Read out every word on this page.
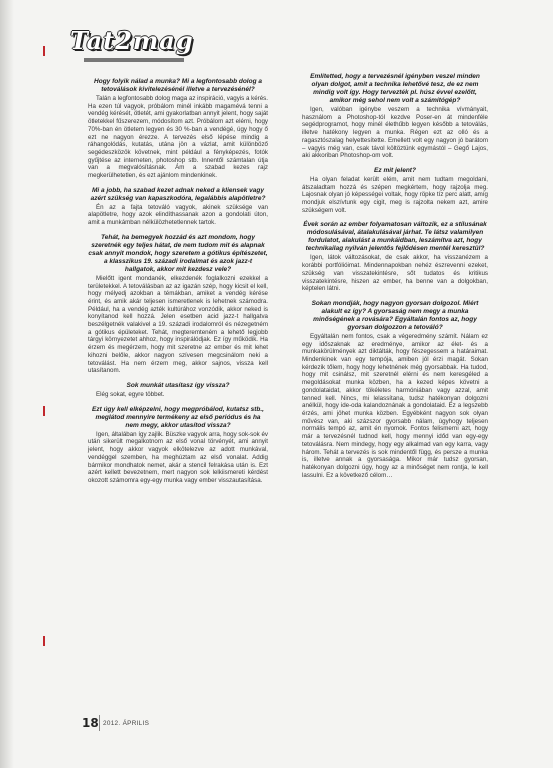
Tat2mag
Hogy folyik nálad a munka? Mi a legfontosabb dolog a tetoválások kivitelezésénél illetve a tervezésénél?

Talán a legfontosabb dolog maga az inspiráció, vagyis a kérés. Ha ezen túl vagyok, próbálom minél inkább magamévá tenni a vendég kérését, ötletét, ami gyakorlatban annyit jelent, hogy saját ötletekkel fűszerezem, módosítom azt. Próbálom azt elérni, hogy 70%-ban én ötletem legyen és 30 %-ban a vendégé, úgy hogy ő ezt ne nagyon érezze. A tervezés első lépése mindig a ráhangolódás, kutatás, utána jön a vázlat, amit különböző segédeszközök követnek, mint például a fényképezés, fotók gyűjtése az interneten, photoshop stb. Innentől számtalan útja van a megvalósításnak. Ám a szabad kezes rajz megkerülhetetlen, és ezt ajánlom mindenkinek.

Mi a jobb, ha szabad kezet adnak neked a kliensek vagy azért szükség van kapaszkodóra, legalábbis alapötletre?

Én az a fajta tetováló vagyok, akinek szüksége van alapötletre, hogy azok elindíthassanak azon a gondolati úton, amit a munkámban nélkülözhetetlennek tartok.

Tehát, ha bemegyek hozzád és azt mondom, hogy szeretnék egy teljes hátat, de nem tudom mit és alapnak csak annyit mondok, hogy szeretem a gótikus építészetet, a klasszikus 19. századi irodalmat és azok jazz-t hallgatok, akkor mit kezdesz vele?

Mielőtt igent mondanék, elkezdenék foglalkozni ezekkel a területekkel. A tetoválásban az az igazán szép, hogy kicsit el kell, hogy mélyedj azokban a témákban, amiket a vendég kérése érint, és amik akár teljesen ismeretlenek is lehetnek számodra. Például, ha a vendég azték kultúrához vonzódik, akkor neked is konyítanod kell hozzá. Jelen esetben acid jazz-t hallgatva beszélgetnék valakivel a 19. századi irodalomról és nézegetném a gótikus épületeket. Tehát, megteremteném a lehető legjobb tárgyi környezetet ahhoz, hogy inspirálódjak. Ez így működik. Ha érzem és megérzem, hogy mit szeretne az ember és mit lehet kihozni belőle, akkor nagyon szívesen megcsinálom neki a tetoválást. Ha nem érzem meg, akkor sajnos, vissza kell utasítanom.

Sok munkát utasítasz így vissza?

Elég sokat, egyre többet.

Ezt úgy kell elképzelni, hogy megpróbálod, kutatsz stb., meglátod mennyire termékeny az első periódus és ha nem megy, akkor utasítod vissza?

Igen, általában így zajlik. Büszke vagyok arra, hogy sok-sok év után sikerült megalkotnom az első vonal törvényét, ami annyit jelent, hogy akkor vagyok elkötelezve az adott munkával, vendéggel szemben, ha meghúztam az első vonalat. Addig bármikor mondhatok nemet, akár a stencil felrakása után is. Ezt azért kellett bevezetnem, mert nagyon sok lelkiismereti kérdést okozott számomra egy-egy munka vagy ember visszautasítása.

Említetted, hogy a tervezésnél igényben veszel minden olyan dolgot, amit a technika lehetővé tesz, de ez nem mindig volt így. Hogy tervezték pl. húsz évvel ezelőtt, amikor még sehol nem volt a számítógép?

Igen, valóban igénybe veszem a technika vívmányait, használom a Photoshop-tól kezdve Poser-en át mindenféle segédprogramot, hogy minél élethűbb legyen később a tetoválás, illetve hatékony legyen a munka. Régen ezt az olló és a ragasztószalag helyettesítette. Emellett volt egy nagyon jó barátom – vagyis még van, csak távol költöztünk egymástól – Gegő Lajos, aki akkoriban Photoshop-om volt.

Ez mit jelent?

Ha olyan feladat került elém, amit nem tudtam megoldani, átszaladtam hozzá és szépen megkértem, hogy rajzolja meg. Lajosnak olyan jó képességei voltak, hogy röpke tíz perc alatt, amíg mondjuk elszívtunk egy cigit, meg is rajzolta nekem azt, amire szükségem volt.

Évek során az ember folyamatosan változik, ez a stílusának módosulásával, átalakulásával járhat. Te látsz valamilyen fordulatot, alakulást a munkáidban, leszámítva azt, hogy technikailag nyilván jelentős fejlődésen mentél keresztül?

Igen, látok változásokat, de csak akkor, ha visszanézem a korábbi portfólióimat. Mindennapokban nehéz észrevenni ezeket, szükség van visszatekintésre, sőt tudatos és kritikus visszatekintésre, hiszen az ember, ha benne van a dolgokban, képtelen látni.

Sokan mondják, hogy nagyon gyorsan dolgozol. Miért alakult ez így? A gyorsaság nem megy a munka minőségének a rovására? Egyáltalán fontos az, hogy gyorsan dolgozzon a tetováló?

Egyáltalán nem fontos, csak a végeredmény számít. Nálam ez egy időszaknak az eredménye, amikor az élet- és a munkakörülmények azt diktálták, hogy fészegessem a határaimat. Mindenkinek van egy tempója, amiben jól érzi magát. Sokan kérdezik tőlem, hogy hogy lehetnének még gyorsabbak. Ha tudod, hogy mit csinálsz, mit szeretnél elérni és nem keresgéled a megoldásokat munka közben, ha a kezed képes követni a gondolataidat, akkor tökéletes harmóniában vagy azzal, amit tenned kell. Nincs, mi lelassítana, tudsz hatékonyan dolgozni anélkül, hogy ide-oda kalandoznának a gondolataid. Ez a legszebb érzés, ami jöhet munka közben. Egyébként nagyon sok olyan művész van, aki százszor gyorsabb nálam, úgyhogy teljesen normális tempó az, amit én nyomok. Fontos felismerni azt, hogy már a tervezésnél tudnod kell, hogy mennyi időd van egy-egy tetoválásra. Nem mindegy, hogy egy alkalmad van egy karra, vagy három. Tehát a tervezés is sok mindentől függ, és persze a munka is, illetve annak a gyorsasága. Mikor már tudsz gyorsan, hatékonyan dolgozni úgy, hogy az a minőséget nem rontja, le kell lassulni. Ez a következő célom…

18 2012. ÁPRILIS
